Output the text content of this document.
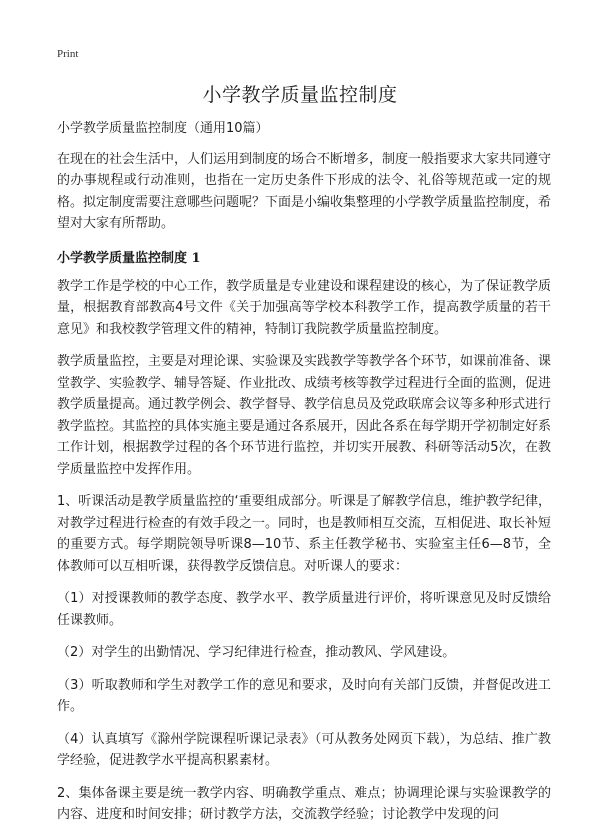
Print
小学教学质量监控制度

小学教学质量监控制度（通用10篇）

在现在的社会生活中，人们运用到制度的场合不断增多，制度一般指要求大家共同遵守的办事规程或行动准则，也指在一定历史条件下形成的法令、礼俗等规范或一定的规格。拟定制度需要注意哪些问题呢？下面是小编收集整理的小学教学质量监控制度，希望对大家有所帮助。

小学教学质量监控制度 1

教学工作是学校的中心工作，教学质量是专业建设和课程建设的核心，为了保证教学质量，根据教育部教高4号文件《关于加强高等学校本科教学工作，提高教学质量的若干意见》和我校教学管理文件的精神，特制订我院教学质量监控制度。

教学质量监控，主要是对理论课、实验课及实践教学等教学各个环节，如课前准备、课堂教学、实验教学、辅导答疑、作业批改、成绩考核等教学过程进行全面的监测，促进教学质量提高。通过教学例会、教学督导、教学信息员及党政联席会议等多种形式进行教学监控。其监控的具体实施主要是通过各系展开，因此各系在每学期开学初制定好系工作计划，根据教学过程的各个环节进行监控，并切实开展教、科研等活动5次，在教学质量监控中发挥作用。

1、听课活动是教学质量监控的‘重要组成部分。听课是了解教学信息，维护教学纪律，对教学过程进行检查的有效手段之一。同时，也是教师相互交流，互相促进、取长补短的重要方式。每学期院领导听课8—10节、系主任教学秘书、实验室主任6—8节，全体教师可以互相听课，获得教学反馈信息。对听课人的要求：

（1）对授课教师的教学态度、教学水平、教学质量进行评价，将听课意见及时反馈给任课教师。

（2）对学生的出勤情况、学习纪律进行检查，推动教风、学风建设。

（3）听取教师和学生对教学工作的意见和要求，及时向有关部门反馈，并督促改进工作。

（4）认真填写《滁州学院课程听课记录表》（可从教务处网页下载），为总结、推广教学经验，促进教学水平提高积累素材。

2、集体备课主要是统一教学内容、明确教学重点、难点；协调理论课与实验课教学的内容、进度和时间安排；研讨教学方法，交流教学经验；讨论教学中发现的问
